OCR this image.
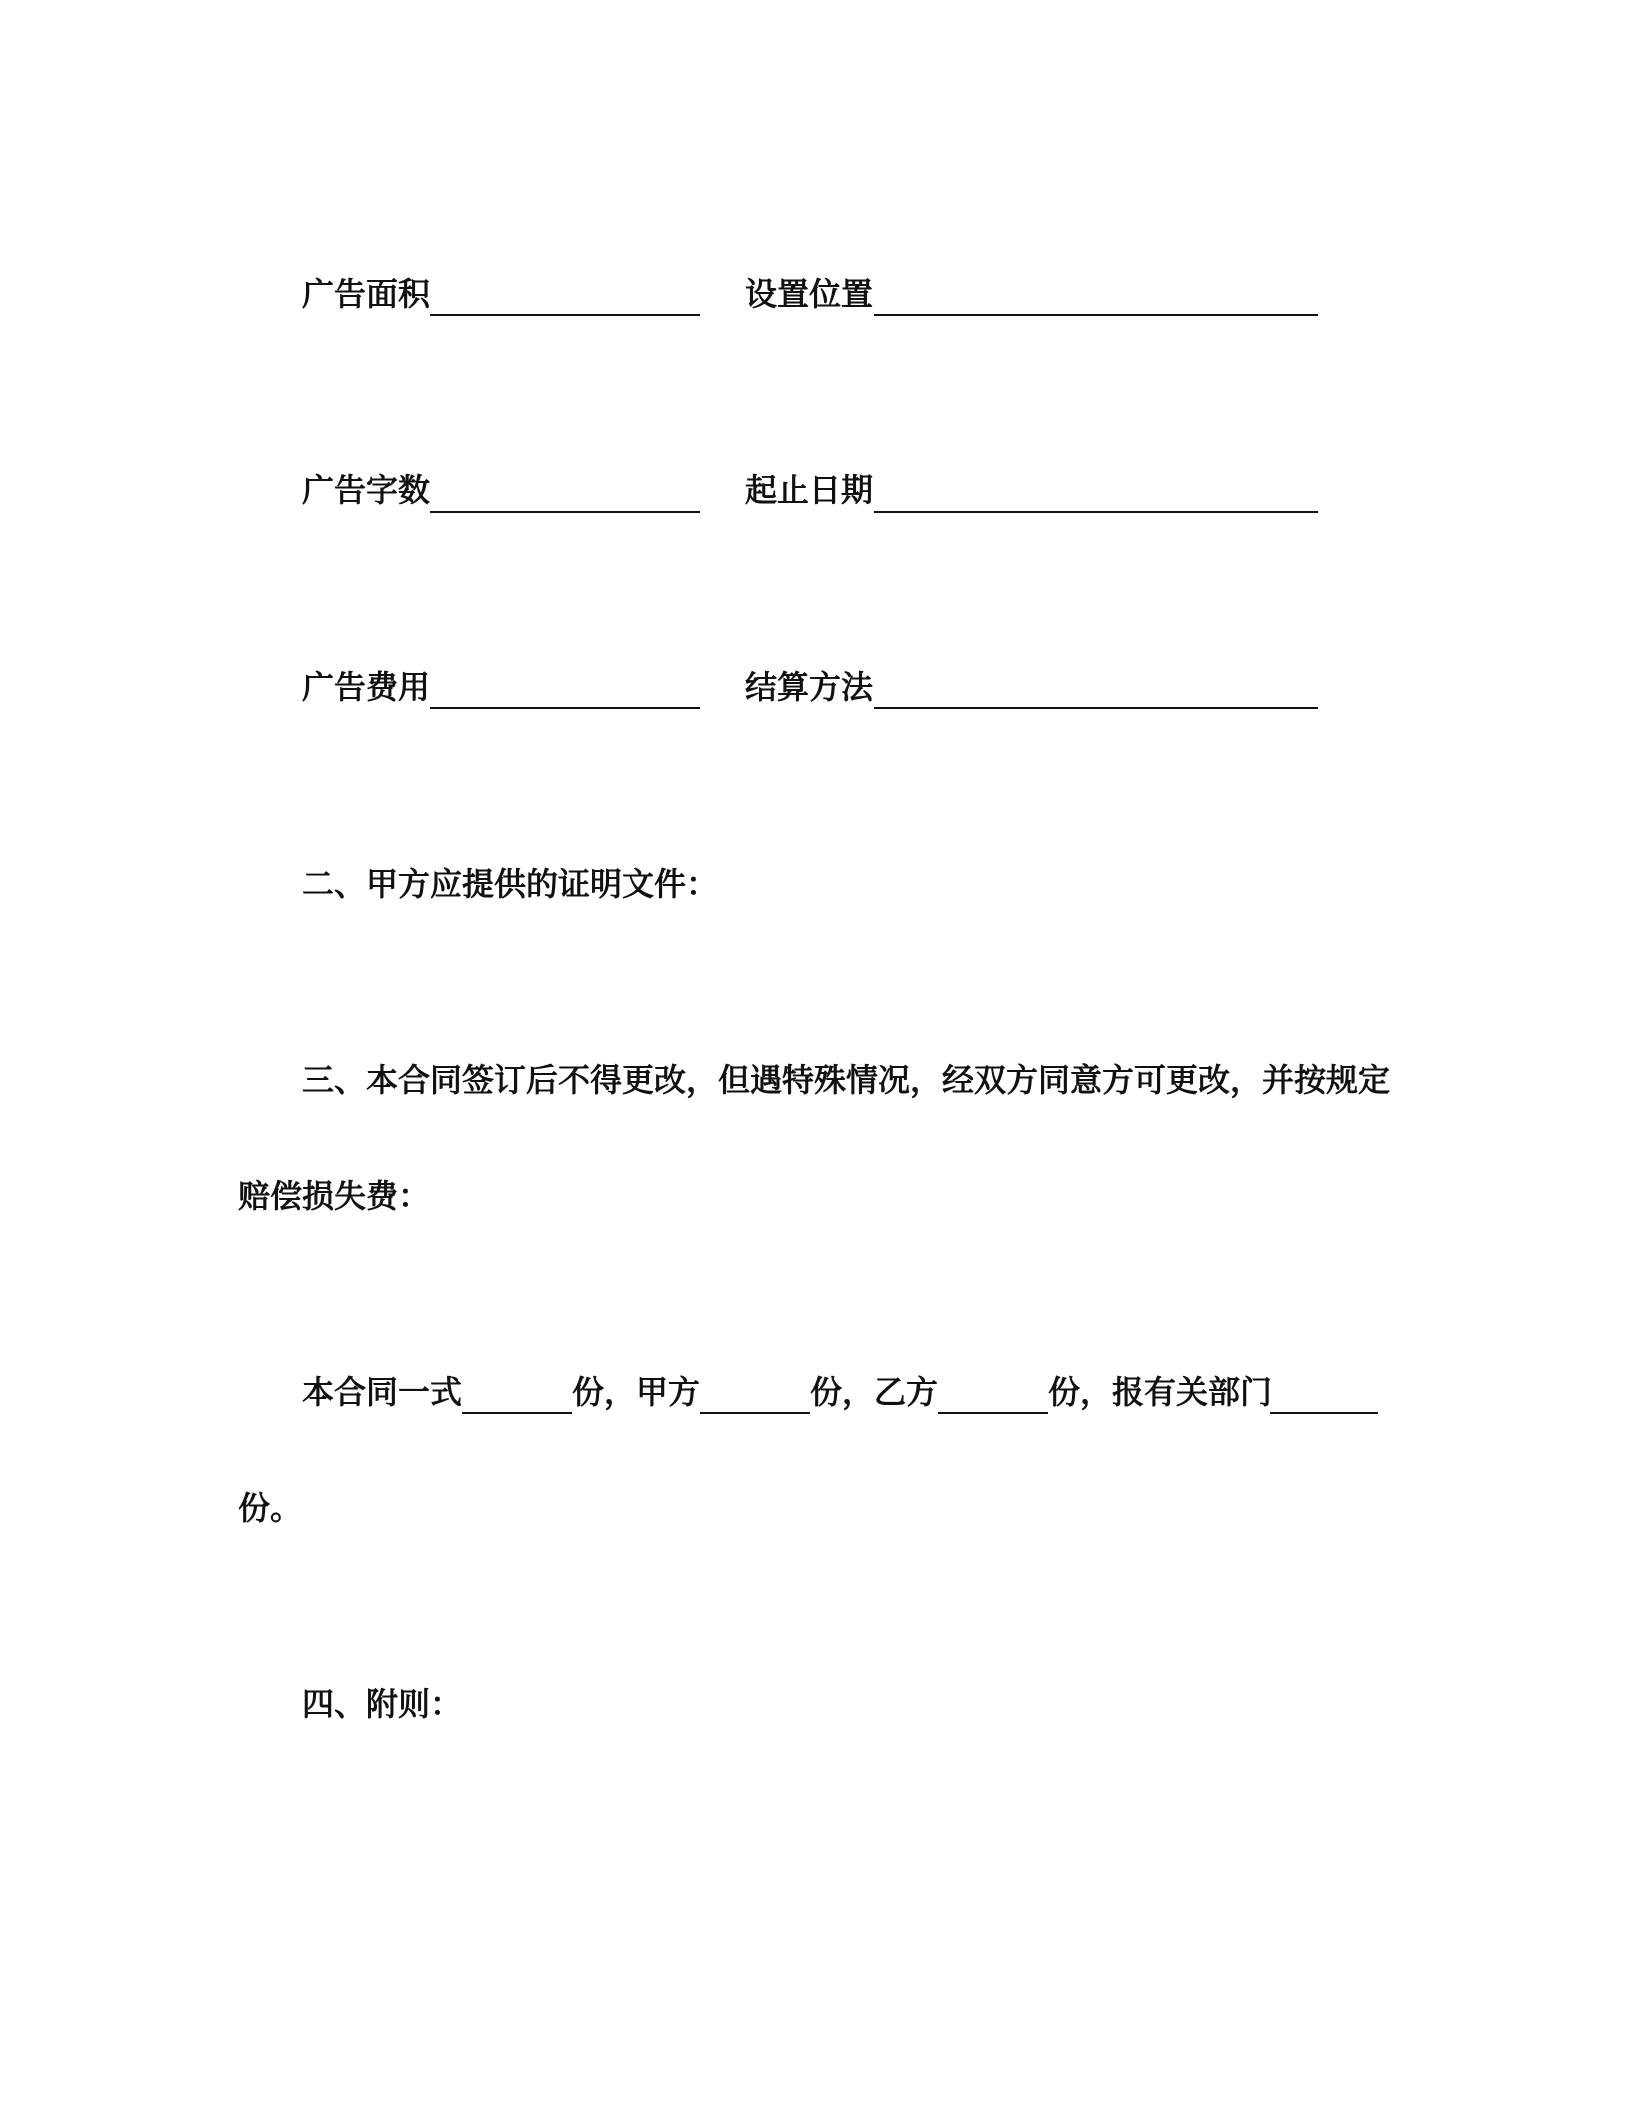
广告面积	设置位置
广告字数	起止日期
广告费用	结算方法
二、甲方应提供的证明文件：
三、本合同签订后不得更改，但遇特殊情况，经双方同意方可更改，并按规定
赔偿损失费：
本合同一式	份，甲方	份，乙方	份，报有关部门
份。
四、附则：
